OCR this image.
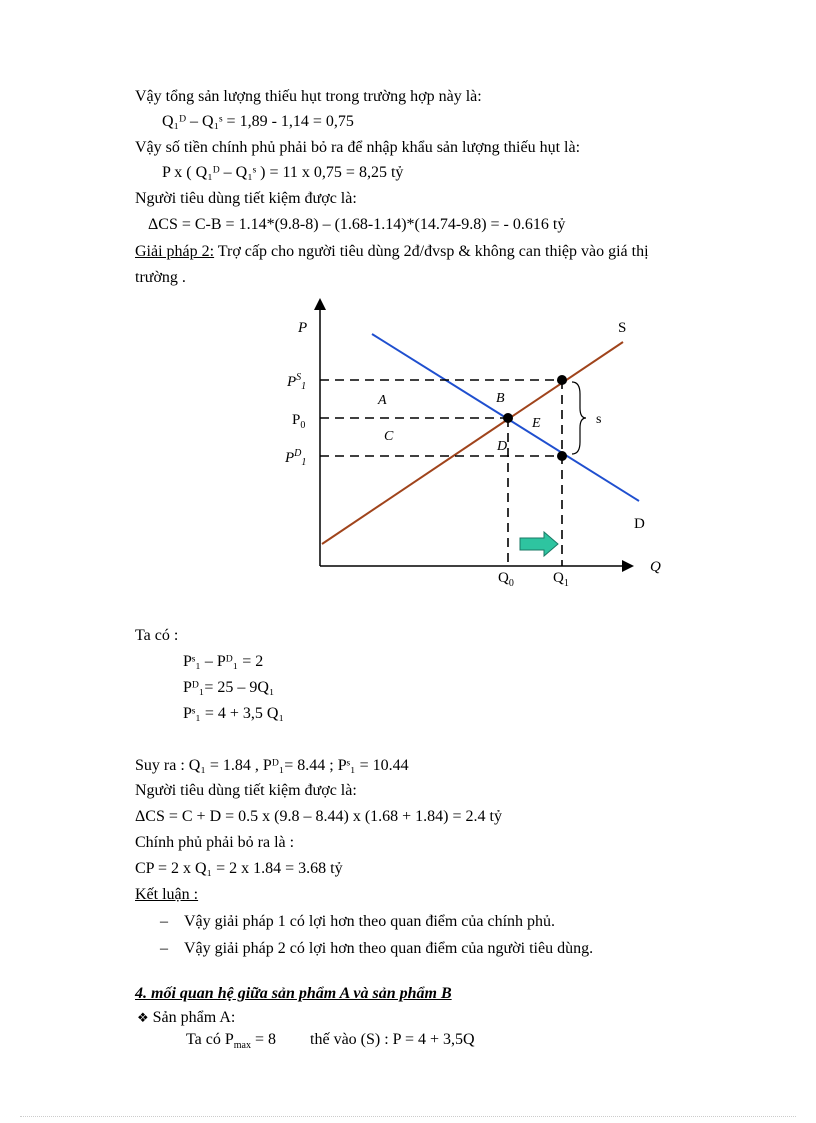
Vậy tổng sản lượng thiếu hụt trong trường hợp này là:
Q₁ᴰ – Q₁ˢ = 1,89 - 1,14 = 0,75
Vậy số tiền chính phủ phải bỏ ra để nhập khẩu sản lượng thiếu hụt là:
P x ( Q₁ᴰ – Q₁ˢ ) = 11 x 0,75 = 8,25 tỷ
Người tiêu dùng tiết kiệm được là:
ΔCS = C-B = 1.14*(9.8-8) – (1.68-1.14)*(14.74-9.8) = - 0.616 tỷ
Giải pháp 2: Trợ cấp cho người tiêu dùng 2đ/đvsp & không can thiệp vào giá thị
trường .
s
P
Q
S
D
$P^S_1$
$P_0$
$P^D_1$
$Q_0$	$Q_1$
A	B
C
D
E
Ta có :
Pˢ₁ – Pᴰ₁ = 2
Pᴰ₁= 25 – 9Q₁
Pˢ₁ = 4 + 3,5 Q₁
Suy ra : Q₁ = 1.84 , Pᴰ₁= 8.44 ; Pˢ₁ = 10.44
Người tiêu dùng tiết kiệm được là:
ΔCS = C + D = 0.5 x (9.8 – 8.44) x (1.68 + 1.84) = 2.4 tỷ
Chính phủ phải bỏ ra là :
CP = 2 x Q₁ = 2 x 1.84 = 3.68 tỷ
Kết luận :
–    Vậy giải pháp 1 có lợi hơn theo quan điểm của chính phủ.
–    Vậy giải pháp 2 có lợi hơn theo quan điểm của người tiêu dùng.
4. mối quan hệ giữa sản phẩm A và sản phẩm B
❖ Sản phẩm A:
Ta có $P_{max} = 8$ thế vào (S) : P = 4 + 3,5Q
